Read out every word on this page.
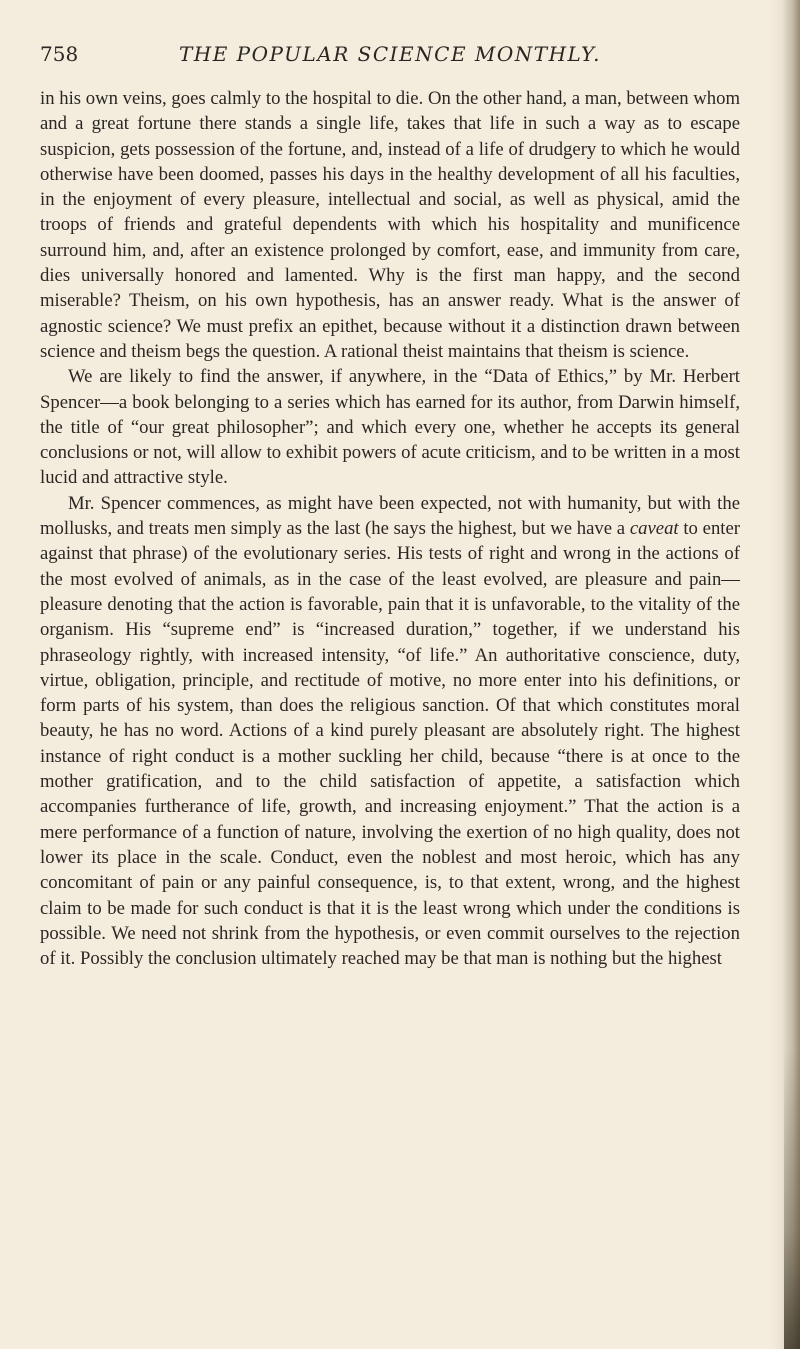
758	THE POPULAR SCIENCE MONTHLY.

in his own veins, goes calmly to the hospital to die. On the other hand, a man, between whom and a great fortune there stands a single life, takes that life in such a way as to escape suspicion, gets possession of the fortune, and, instead of a life of drudgery to which he would otherwise have been doomed, passes his days in the healthy development of all his faculties, in the enjoyment of every pleasure, intellectual and social, as well as physical, amid the troops of friends and grateful dependents with which his hospitality and munificence surround him, and, after an existence prolonged by comfort, ease, and immunity from care, dies universally honored and lamented. Why is the first man happy, and the second miserable? Theism, on his own hypothesis, has an answer ready. What is the answer of agnostic science? We must prefix an epithet, because without it a distinction drawn between science and theism begs the question. A rational theist maintains that theism is science.

We are likely to find the answer, if anywhere, in the “Data of Ethics,” by Mr. Herbert Spencer—a book belonging to a series which has earned for its author, from Darwin himself, the title of “our great philosopher”; and which every one, whether he accepts its general conclusions or not, will allow to exhibit powers of acute criticism, and to be written in a most lucid and attractive style.

Mr. Spencer commences, as might have been expected, not with humanity, but with the mollusks, and treats men simply as the last (he says the highest, but we have a caveat to enter against that phrase) of the evolutionary series. His tests of right and wrong in the actions of the most evolved of animals, as in the case of the least evolved, are pleasure and pain—pleasure denoting that the action is favorable, pain that it is unfavorable, to the vitality of the organism. His “supreme end” is “increased duration,” together, if we understand his phraseology rightly, with increased intensity, “of life.” An authoritative conscience, duty, virtue, obligation, principle, and rectitude of motive, no more enter into his definitions, or form parts of his system, than does the religious sanction. Of that which constitutes moral beauty, he has no word. Actions of a kind purely pleasant are absolutely right. The highest instance of right conduct is a mother suckling her child, because “there is at once to the mother gratification, and to the child satisfaction of appetite, a satisfaction which accompanies furtherance of life, growth, and increasing enjoyment.” That the action is a mere performance of a function of nature, involving the exertion of no high quality, does not lower its place in the scale. Conduct, even the noblest and most heroic, which has any concomitant of pain or any painful consequence, is, to that extent, wrong, and the highest claim to be made for such conduct is that it is the least wrong which under the conditions is possible. We need not shrink from the hypothesis, or even commit ourselves to the rejection of it. Possibly the conclusion ultimately reached may be that man is nothing but the highest
